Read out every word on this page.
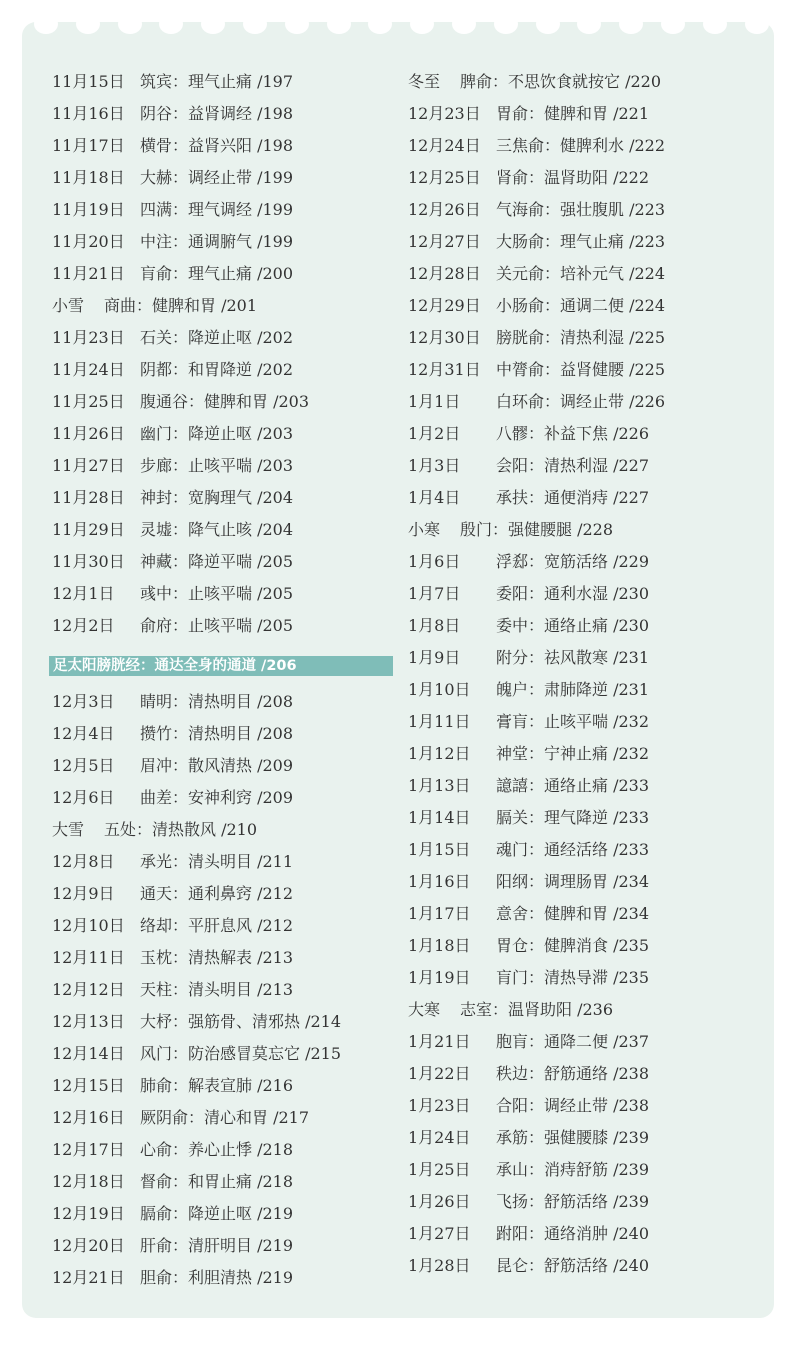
11月15日 筑宾：理气止痛 /197
11月16日 阴谷：益肾调经 /198
11月17日 横骨：益肾兴阳 /198
11月18日 大赫：调经止带 /199
11月19日 四满：理气调经 /199
11月20日 中注：通调腑气 /199
11月21日 肓俞：理气止痛 /200
小雪 商曲：健脾和胃 /201
11月23日 石关：降逆止呕 /202
11月24日 阴都：和胃降逆 /202
11月25日 腹通谷：健脾和胃 /203
11月26日 幽门：降逆止呕 /203
11月27日 步廊：止咳平喘 /203
11月28日 神封：宽胸理气 /204
11月29日 灵墟：降气止咳 /204
11月30日 神藏：降逆平喘 /205
12月1日 彧中：止咳平喘 /205
12月2日 俞府：止咳平喘 /205
足太阳膀胱经：通达全身的通道 /206
12月3日 睛明：清热明目 /208
12月4日 攒竹：清热明目 /208
12月5日 眉冲：散风清热 /209
12月6日 曲差：安神利窍 /209
大雪 五处：清热散风 /210
12月8日 承光：清头明目 /211
12月9日 通天：通利鼻窍 /212
12月10日 络却：平肝息风 /212
12月11日 玉枕：清热解表 /213
12月12日 天柱：清头明目 /213
12月13日 大杼：强筋骨、清邪热 /214
12月14日 风门：防治感冒莫忘它 /215
12月15日 肺俞：解表宣肺 /216
12月16日 厥阴俞：清心和胃 /217
12月17日 心俞：养心止悸 /218
12月18日 督俞：和胃止痛 /218
12月19日 膈俞：降逆止呕 /219
12月20日 肝俞：清肝明目 /219
12月21日 胆俞：利胆清热 /219
冬至 脾俞：不思饮食就按它 /220
12月23日 胃俞：健脾和胃 /221
12月24日 三焦俞：健脾利水 /222
12月25日 肾俞：温肾助阳 /222
12月26日 气海俞：强壮腹肌 /223
12月27日 大肠俞：理气止痛 /223
12月28日 关元俞：培补元气 /224
12月29日 小肠俞：通调二便 /224
12月30日 膀胱俞：清热利湿 /225
12月31日 中膂俞：益肾健腰 /225
1月1日 白环俞：调经止带 /226
1月2日 八髎：补益下焦 /226
1月3日 会阳：清热利湿 /227
1月4日 承扶：通便消痔 /227
小寒 殷门：强健腰腿 /228
1月6日 浮郄：宽筋活络 /229
1月7日 委阳：通利水湿 /230
1月8日 委中：通络止痛 /230
1月9日 附分：祛风散寒 /231
1月10日 魄户：肃肺降逆 /231
1月11日 膏肓：止咳平喘 /232
1月12日 神堂：宁神止痛 /232
1月13日 譩譆：通络止痛 /233
1月14日 膈关：理气降逆 /233
1月15日 魂门：通经活络 /233
1月16日 阳纲：调理肠胃 /234
1月17日 意舍：健脾和胃 /234
1月18日 胃仓：健脾消食 /235
1月19日 肓门：清热导滞 /235
大寒 志室：温肾助阳 /236
1月21日 胞肓：通降二便 /237
1月22日 秩边：舒筋通络 /238
1月23日 合阳：调经止带 /238
1月24日 承筋：强健腰膝 /239
1月25日 承山：消痔舒筋 /239
1月26日 飞扬：舒筋活络 /239
1月27日 跗阳：通络消肿 /240
1月28日 昆仑：舒筋活络 /240
